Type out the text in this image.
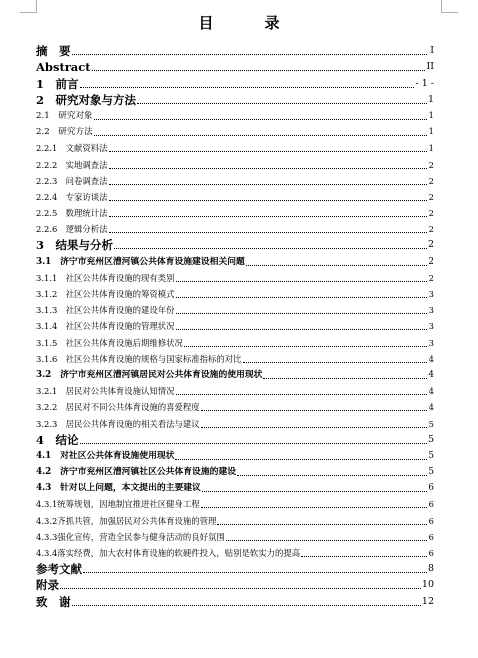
目　录
摘　要	I
Abstract	II
1　前言	- 1 -
2　研究对象与方法	1
2.1　研究对象	1
2.2　研究方法	1
2.2.1　文献资料法	1
2.2.2　实地调查法	2
2.2.3　问卷调查法	2
2.2.4　专家访谈法	2
2.2.5　数理统计法	2
2.2.6　逻辑分析法	2
3　结果与分析	2
3.1　济宁市兖州区漕河镇公共体育设施建设相关问题	2
3.1.1　社区公共体育设施的现有类别	2
3.1.2　社区公共体育设施的筹资模式	3
3.1.3　社区公共体育设施的建设年份	3
3.1.4　社区公共体育设施的管理状况	3
3.1.5　社区公共体育设施后期维修状况	3
3.1.6　社区公共体育设施的规格与国家标准指标的对比	4
3.2　济宁市兖州区漕河镇居民对公共体育设施的使用现状	4
3.2.1　居民对公共体育设施认知情况	4
3.2.2　居民对不同公共体育设施的喜爱程度	4
3.2.3　居民公共体育设施的相关看法与建议	5
4　结论	5
4.1　对社区公共体育设施使用现状	5
4.2　济宁市兖州区漕河镇社区公共体育设施的建设	5
4.3　针对以上问题，本文提出的主要建议	6
4.3.1统筹规划，因地制宜推进社区健身工程	6
4.3.2齐抓共管，加强居民对公共体育设施的管理	6
4.3.3强化宣传，营造全民参与健身活动的良好氛围	6
4.3.4落实经费，加大农村体育设施的软硬件投入，贴别是软实力的提高	6
参考文献	8
附录	10
致　谢	12
